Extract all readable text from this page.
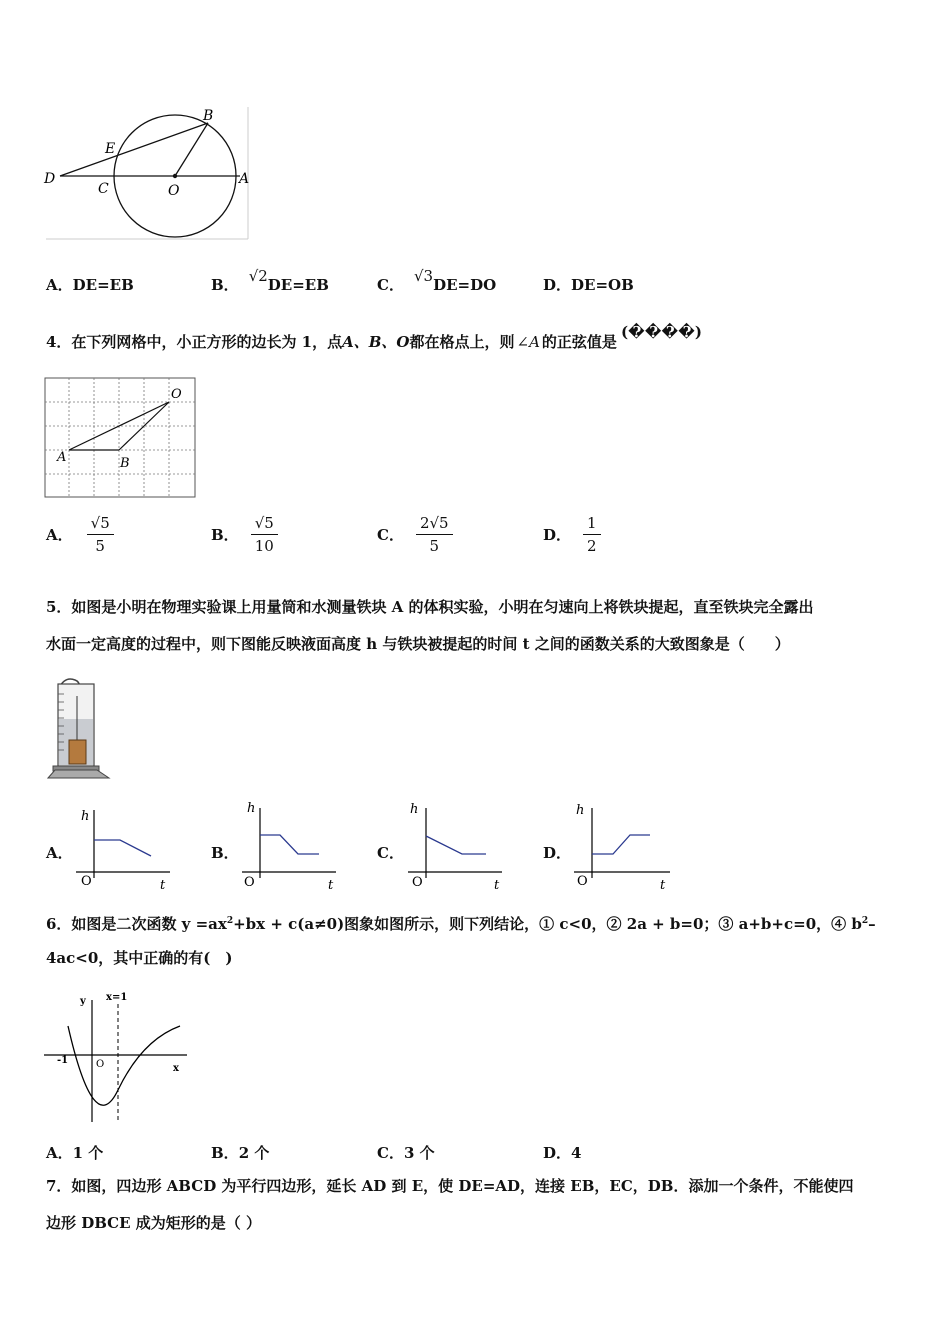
B
E
D
C	O
A
A．DE=EB	B． √2DE=EB	C． √3DE=DO	D．DE=OB
4．在下列网格中，小正方形的边长为 1，点A、B、O都在格点上，则 ∠A 的正弦值是(����)
O
A	B
A． $\frac{√5}{5}$	B． $\frac{√5}{10}$	C． $\frac{2√5}{5}$	D． $\frac{1}{2}$
5．如图是小明在物理实验课上用量筒和水测量铁块 A 的体积实验，小明在匀速向上将铁块提起，直至铁块完全露出
水面一定高度的过程中，则下图能反映液面高度 h 与铁块被提起的时间 t 之间的函数关系的大致图象是（　　）
A．
h
O	t
B．
h
O	t
C．
h
O	t
D．
h
O	t
6．如图是二次函数 $y =ax^2+bx + c(a\ne 0)$图象如图所示，则下列结论，① c<0，② 2a + b=0；③ a+b+c=0，④ $b^2-$
4ac<0，其中正确的有(　)
y x=1
-1	O	x
A．1 个	B．2 个	C．3 个	D．4
7．如图，四边形 ABCD 为平行四边形，延长 AD 到 E，使 DE=AD，连接 EB，EC，DB．添加一个条件，不能使四
边形 DBCE 成为矩形的是（ ）
